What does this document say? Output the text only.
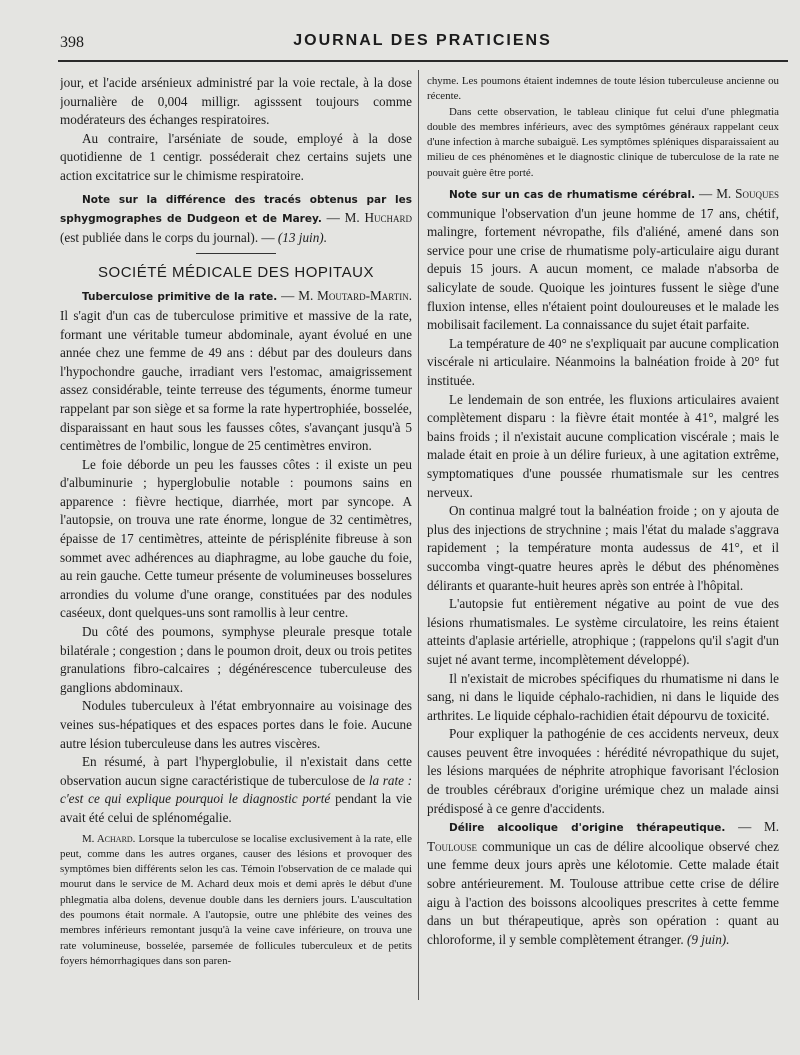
398	JOURNAL DES PRATICIENS

jour, et l'acide arsénieux administré par la voie rectale, à la dose journalière de 0,004 milligr. agisssent toujours comme modérateurs des échanges respiratoires.

Au contraire, l'arséniate de soude, employé à la dose quotidienne de 1 centigr. posséderait chez certains sujets une action excitatrice sur le chimisme respiratoire.

Note sur la différence des tracés obtenus par les sphygmographes de Dudgeon et de Marey. — M. Huchard (est publiée dans le corps du journal). — (13 juin).

SOCIÉTÉ MÉDICALE DES HOPITAUX

Tuberculose primitive de la rate. — M. Moutard-Martin. Il s'agit d'un cas de tuberculose primitive et massive de la rate, formant une véritable tumeur abdominale, ayant évolué en une année chez une femme de 49 ans : début par des douleurs dans l'hypochondre gauche, irradiant vers l'estomac, amaigrissement assez considérable, teinte terreuse des téguments, énorme tumeur rappelant par son siège et sa forme la rate hypertrophiée, bosselée, disparaissant en haut sous les fausses côtes, s'avançant jusqu'à 5 centimètres de l'ombilic, longue de 25 centimètres environ.

Le foie déborde un peu les fausses côtes : il existe un peu d'albuminurie ; hyperglobulie notable : poumons sains en apparence : fièvre hectique, diarrhée, mort par syncope. A l'autopsie, on trouva une rate énorme, longue de 32 centimètres, épaisse de 17 centimètres, atteinte de périsplénite fibreuse à son sommet avec adhérences au diaphragme, au lobe gauche du foie, au rein gauche. Cette tumeur présente de volumineuses bosselures arrondies du volume d'une orange, constituées par des nodules caséeux, dont quelques-uns sont ramollis à leur centre.

Du côté des poumons, symphyse pleurale presque totale bilatérale ; congestion ; dans le poumon droit, deux ou trois petites granulations fibro-calcaires ; dégénérescence tuberculeuse des ganglions abdominaux.

Nodules tuberculeux à l'état embryonnaire au voisinage des veines sus-hépatiques et des espaces portes dans le foie. Aucune autre lésion tuberculeuse dans les autres viscères.

En résumé, à part l'hyperglobulie, il n'existait dans cette observation aucun signe caractéristique de tuberculose de la rate : c'est ce qui explique pourquoi le diagnostic porté pendant la vie avait été celui de splénomégalie.

M. Achard. Lorsque la tuberculose se localise exclusivement à la rate, elle peut, comme dans les autres organes, causer des lésions et provoquer des symptômes bien différents selon les cas. Témoin l'observation de ce malade qui mourut dans le service de M. Achard deux mois et demi après le début d'une phlegmatia alba dolens, devenue double dans les derniers jours. L'auscultation des poumons était normale. A l'autopsie, outre une phlébite des veines des membres inférieurs remontant jusqu'à la veine cave inférieure, on trouva une rate volumineuse, bosselée, parsemée de follicules tuberculeux et de petits foyers hémorrhagiques dans son paren-

chyme. Les poumons étaient indemnes de toute lésion tuberculeuse ancienne ou récente.

Dans cette observation, le tableau clinique fut celui d'une phlegmatia double des membres inférieurs, avec des symptômes généraux rappelant ceux d'une infection à marche subaiguë. Les symptômes spléniques disparaissaient au milieu de ces phénomènes et le diagnostic clinique de tuberculose de la rate ne pouvait guère être porté.

Note sur un cas de rhumatisme cérébral. — M. Souques communique l'observation d'un jeune homme de 17 ans, chétif, malingre, fortement névropathe, fils d'aliéné, amené dans son service pour une crise de rhumatisme poly-articulaire aigu durant depuis 15 jours. A aucun moment, ce malade n'absorba de salicylate de soude. Quoique les jointures fussent le siège d'une fluxion intense, elles n'étaient point douloureuses et le malade les mobilisait facilement. La connaissance du sujet était parfaite.

La température de 40° ne s'expliquait par aucune complication viscérale ni articulaire. Néanmoins la balnéation froide à 20° fut instituée.

Le lendemain de son entrée, les fluxions articulaires avaient complètement disparu : la fièvre était montée à 41°, malgré les bains froids ; il n'existait aucune complication viscérale ; mais le malade était en proie à un délire furieux, à une agitation extrême, symptomatiques d'une poussée rhumatismale sur les centres nerveux.

On continua malgré tout la balnéation froide ; on y ajouta de plus des injections de strychnine ; mais l'état du malade s'aggrava rapidement ; la température monta audessus de 41°, et il succomba vingt-quatre heures après le début des phénomènes délirants et quarante-huit heures après son entrée à l'hôpital.

L'autopsie fut entièrement négative au point de vue des lésions rhumatismales. Le système circulatoire, les reins étaient atteints d'aplasie artérielle, atrophique ; (rappelons qu'il s'agit d'un sujet né avant terme, incomplètement développé).

Il n'existait de microbes spécifiques du rhumatisme ni dans le sang, ni dans le liquide céphalo-rachidien, ni dans le liquide des arthrites. Le liquide céphalo-rachidien était dépourvu de toxicité.

Pour expliquer la pathogénie de ces accidents nerveux, deux causes peuvent être invoquées : hérédité névropathique du sujet, les lésions marquées de néphrite atrophique favorisant l'éclosion de troubles cérébraux d'origine urémique chez un malade ainsi prédisposé à ce genre d'accidents.

Délire alcoolique d'origine thérapeutique. — M. Toulouse communique un cas de délire alcoolique observé chez une femme deux jours après une kélotomie. Cette malade était sobre antérieurement. M. Toulouse attribue cette crise de délire aigu à l'action des boissons alcooliques prescrites à cette femme dans un but thérapeutique, après son opération : quant au chloroforme, il y semble complètement étranger. (9 juin).
